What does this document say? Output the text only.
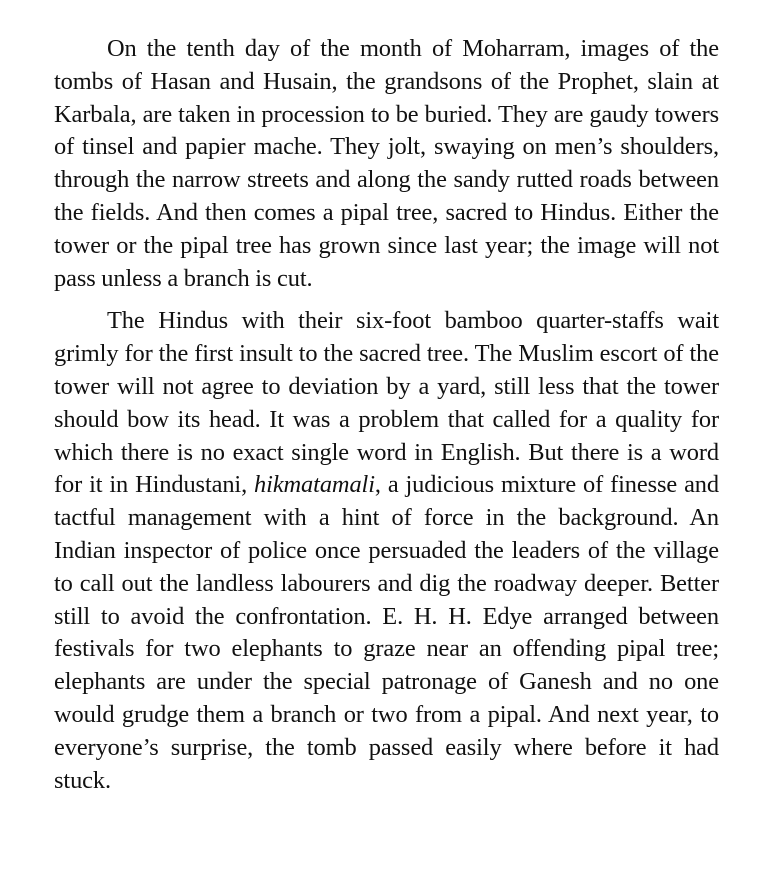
On the tenth day of the month of Moharram, images of the tombs of Hasan and Husain, the grandsons of the Prophet, slain at Karbala, are taken in procession to be buried. They are gaudy towers of tinsel and papier mache. They jolt, swaying on men’s shoulders, through the narrow streets and along the sandy rutted roads between the fields. And then comes a pipal tree, sacred to Hindus. Either the tower or the pipal tree has grown since last year; the image will not pass unless a branch is cut.

The Hindus with their six-foot bamboo quarter-staffs wait grimly for the first insult to the sacred tree. The Muslim escort of the tower will not agree to deviation by a yard, still less that the tower should bow its head. It was a problem that called for a quality for which there is no exact single word in English. But there is a word for it in Hindustani, hikmatamali, a judicious mixture of finesse and tactful management with a hint of force in the background. An Indian inspector of police once persuaded the leaders of the village to call out the landless labourers and dig the roadway deeper. Better still to avoid the confrontation. E. H. H. Edye arranged between festivals for two elephants to graze near an offending pipal tree; elephants are under the special patronage of Ganesh and no one would grudge them a branch or two from a pipal. And next year, to everyone’s surprise, the tomb passed easily where before it had stuck.
